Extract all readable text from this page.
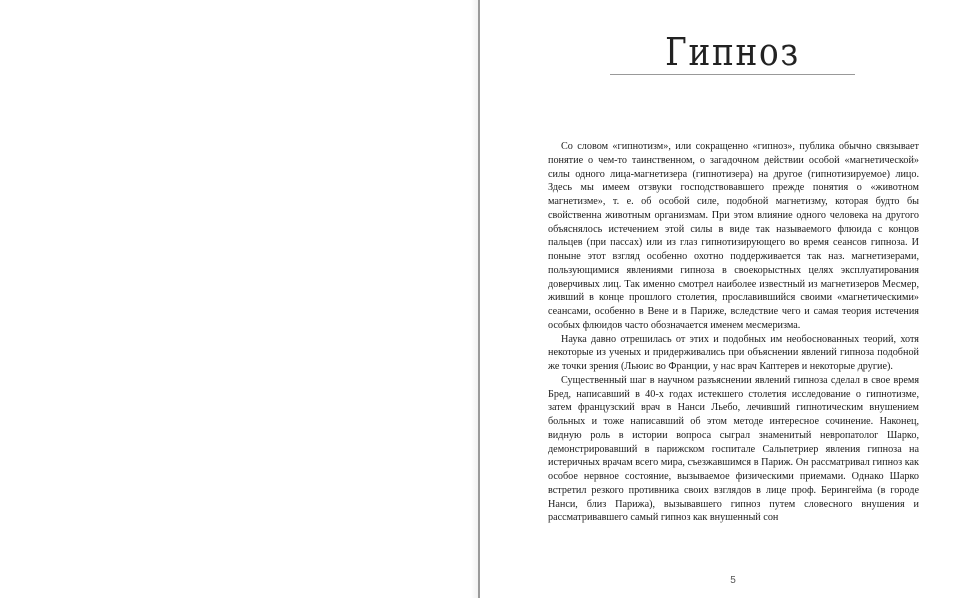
Гипноз

Со словом «гипнотизм», или сокращенно «гипноз», публика обычно связывает понятие о чем-то таинственном, о загадочном действии особой «магнетической» силы одного лица-магнетизера (гипнотизера) на другое (гипнотизируемое) лицо. Здесь мы имеем отзвуки господствовавшего прежде понятия о «животном магнетизме», т. е. об особой силе, подобной магнетизму, которая будто бы свойственна животным организмам. При этом влияние одного человека на другого объяснялось истечением этой силы в виде так называемого флюида с концов пальцев (при пассах) или из глаз гипнотизирующего во время сеансов гипноза. И поныне этот взгляд особенно охотно поддерживается так наз. магнетизерами, пользующимися явлениями гипноза в своекорыстных целях эксплуатирования доверчивых лиц. Так именно смотрел наиболее известный из магнетизеров Месмер, живший в конце прошлого столетия, прославившийся своими «магнетическими» сеансами, особенно в Вене и в Париже, вследствие чего и самая теория истечения особых флюидов часто обозначается именем месмеризма.

Наука давно отрешилась от этих и подобных им необоснованных теорий, хотя некоторые из ученых и придерживались при объяснении явлений гипноза подобной же точки зрения (Льюис во Франции, у нас врач Каптерев и некоторые другие).

Существенный шаг в научном разъяснении явлений гипноза сделал в свое время Бред, написавший в 40-х годах истекшего столетия исследование о гипнотизме, затем французский врач в Нанси Льебо, лечивший гипнотическим внушением больных и тоже написавший об этом методе интересное сочинение. Наконец, видную роль в истории вопроса сыграл знаменитый невропатолог Шарко, демонстрировавший в парижском госпитале Сальпетриер явления гипноза на истеричных врачам всего мира, съезжавшимся в Париж. Он рассматривал гипноз как особое нервное состояние, вызываемое физическими приемами. Однако Шарко встретил резкого противника своих взглядов в лице проф. Берингейма (в городе Нанси, близ Парижа), вызывавшего гипноз путем словесного внушения и рассматривавшего самый гипноз как внушенный сон

5
